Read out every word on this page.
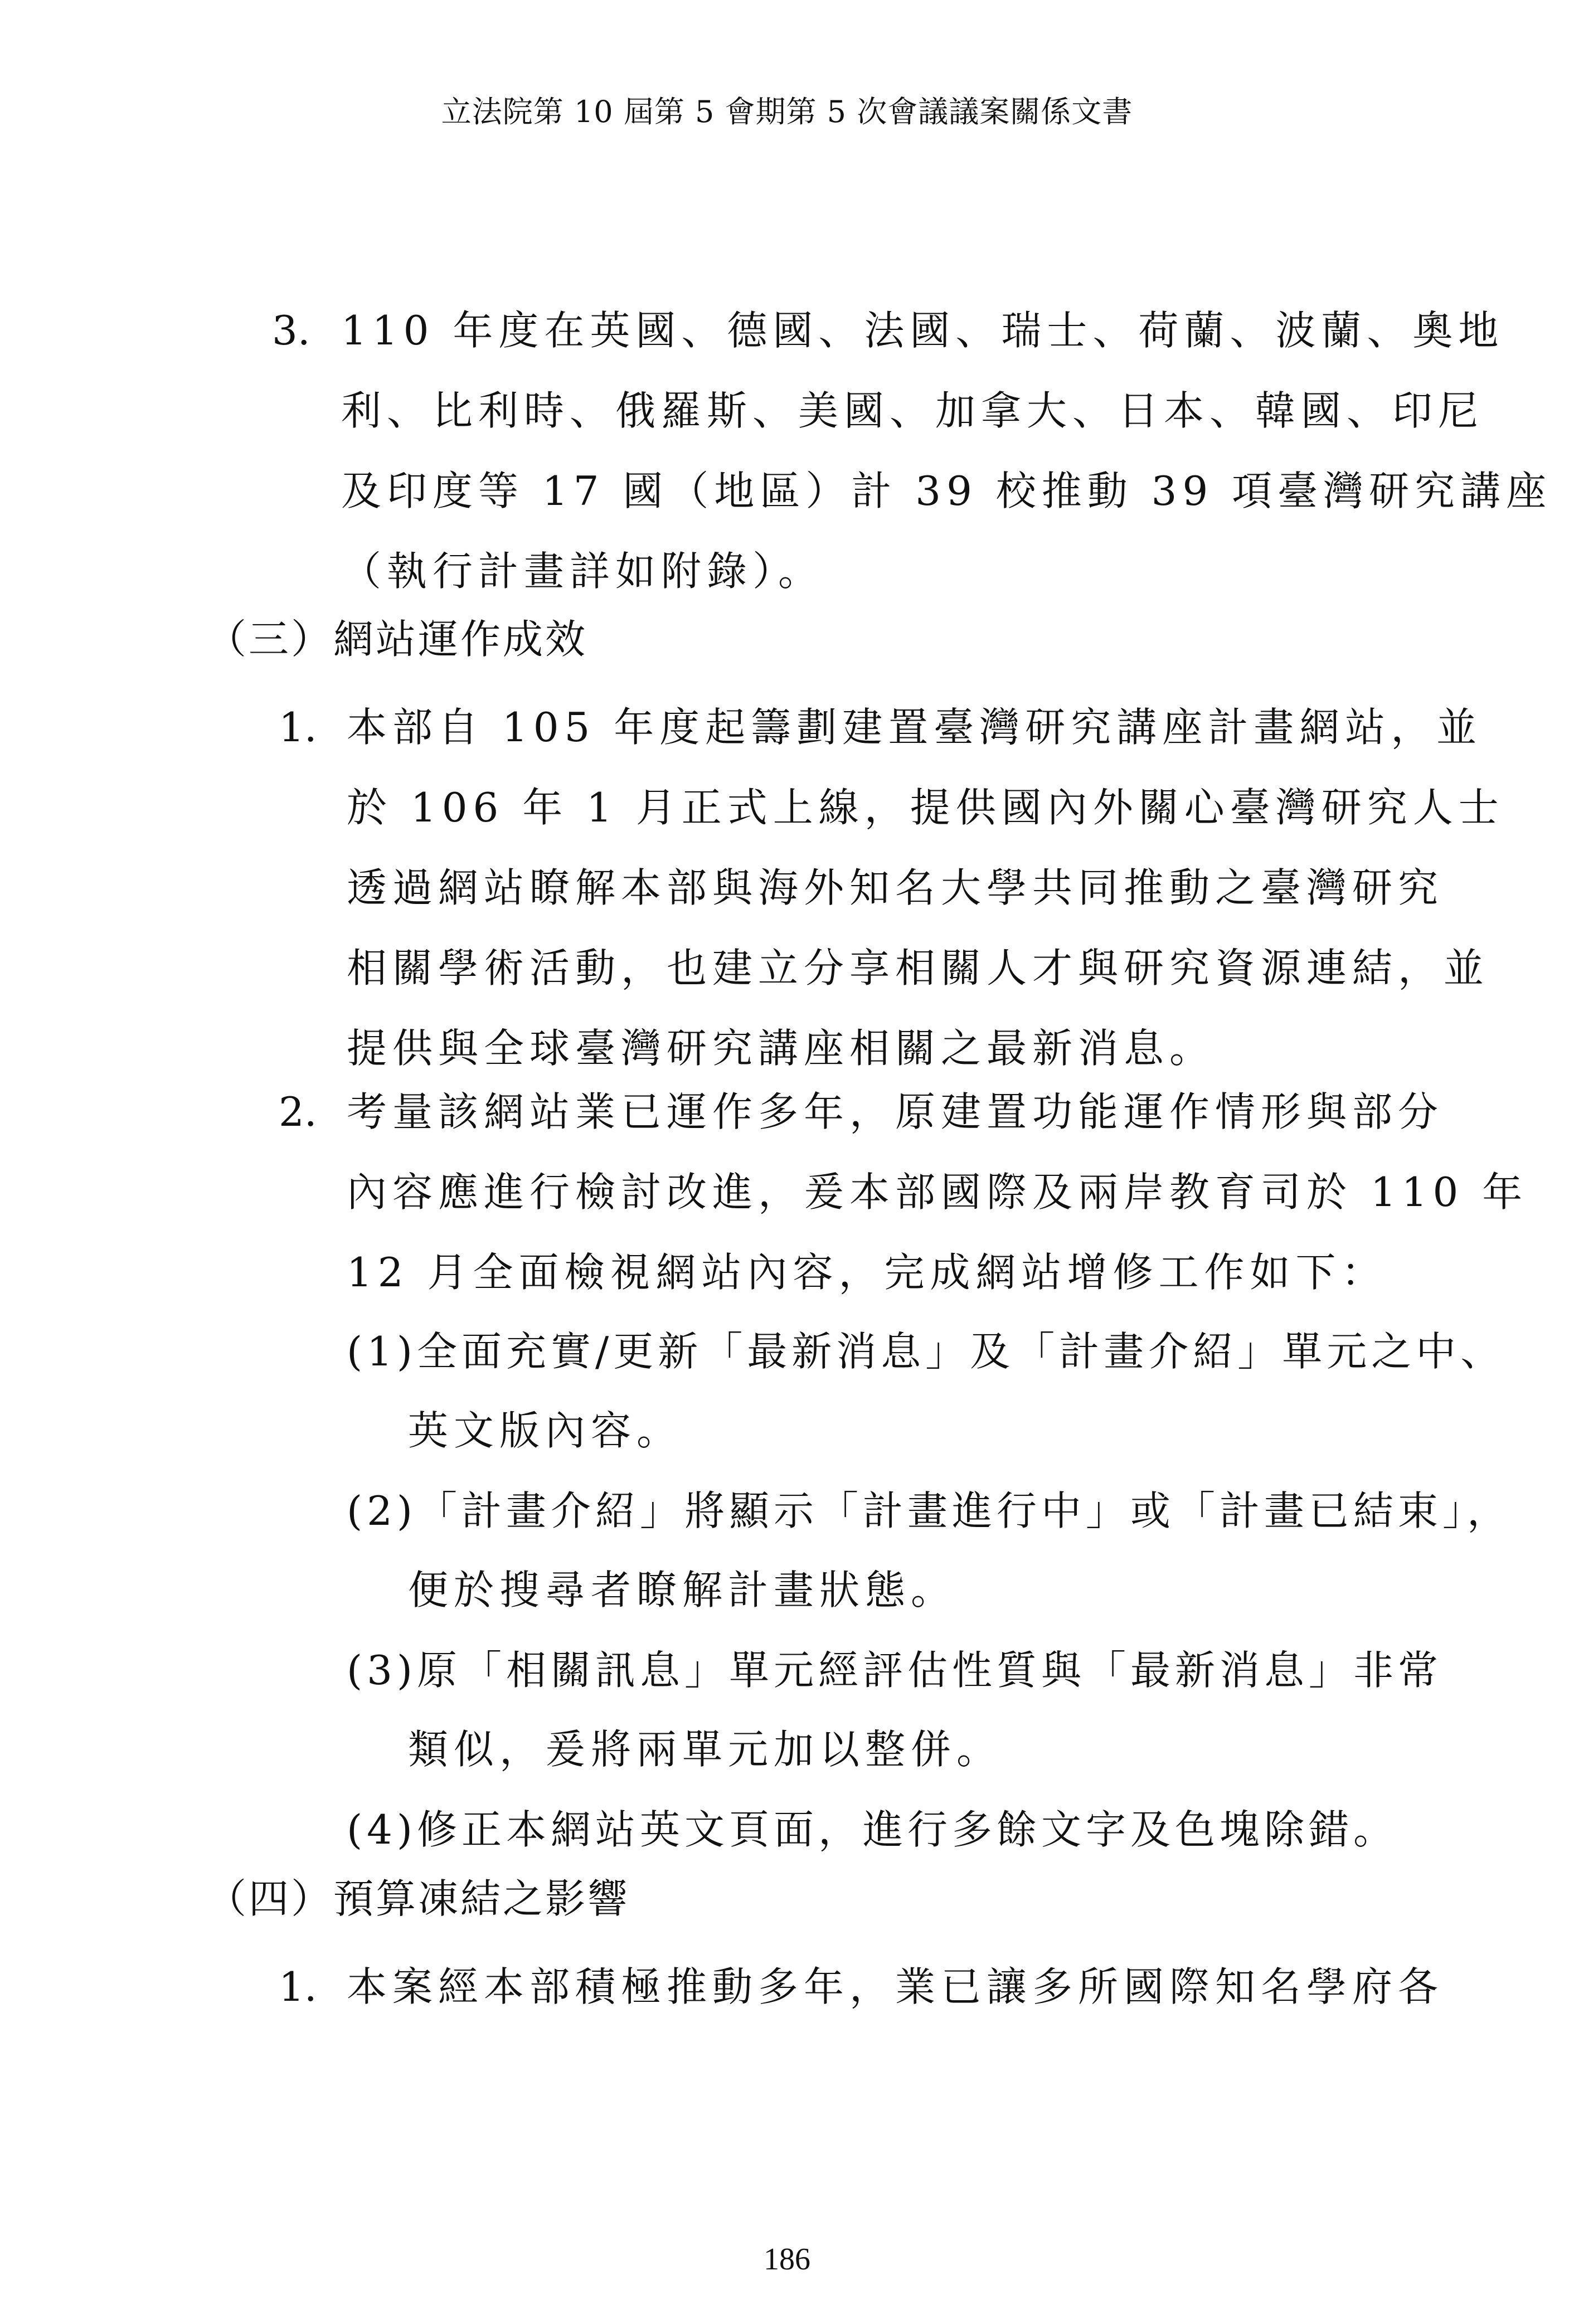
立法院第 10 屆第 5 會期第 5 次會議議案關係文書
3. 110 年度在英國、德國、法國、瑞士、荷蘭、波蘭、奧地
利、比利時、俄羅斯、美國、加拿大、日本、韓國、印尼
及印度等 17 國（地區）計 39 校推動 39 項臺灣研究講座
（執行計畫詳如附錄）。
（三）網站運作成效
1. 本部自 105 年度起籌劃建置臺灣研究講座計畫網站，並
於 106 年 1 月正式上線，提供國內外關心臺灣研究人士
透過網站瞭解本部與海外知名大學共同推動之臺灣研究
相關學術活動，也建立分享相關人才與研究資源連結，並
提供與全球臺灣研究講座相關之最新消息。
2. 考量該網站業已運作多年，原建置功能運作情形與部分
內容應進行檢討改進，爰本部國際及兩岸教育司於 110 年
12 月全面檢視網站內容，完成網站增修工作如下：
(1)全面充實/更新「最新消息」及「計畫介紹」單元之中、
英文版內容。
(2)「計畫介紹」將顯示「計畫進行中」或「計畫已結束」，
便於搜尋者瞭解計畫狀態。
(3)原「相關訊息」單元經評估性質與「最新消息」非常
類似，爰將兩單元加以整併。
(4)修正本網站英文頁面，進行多餘文字及色塊除錯。
（四）預算凍結之影響
1. 本案經本部積極推動多年，業已讓多所國際知名學府各
186
